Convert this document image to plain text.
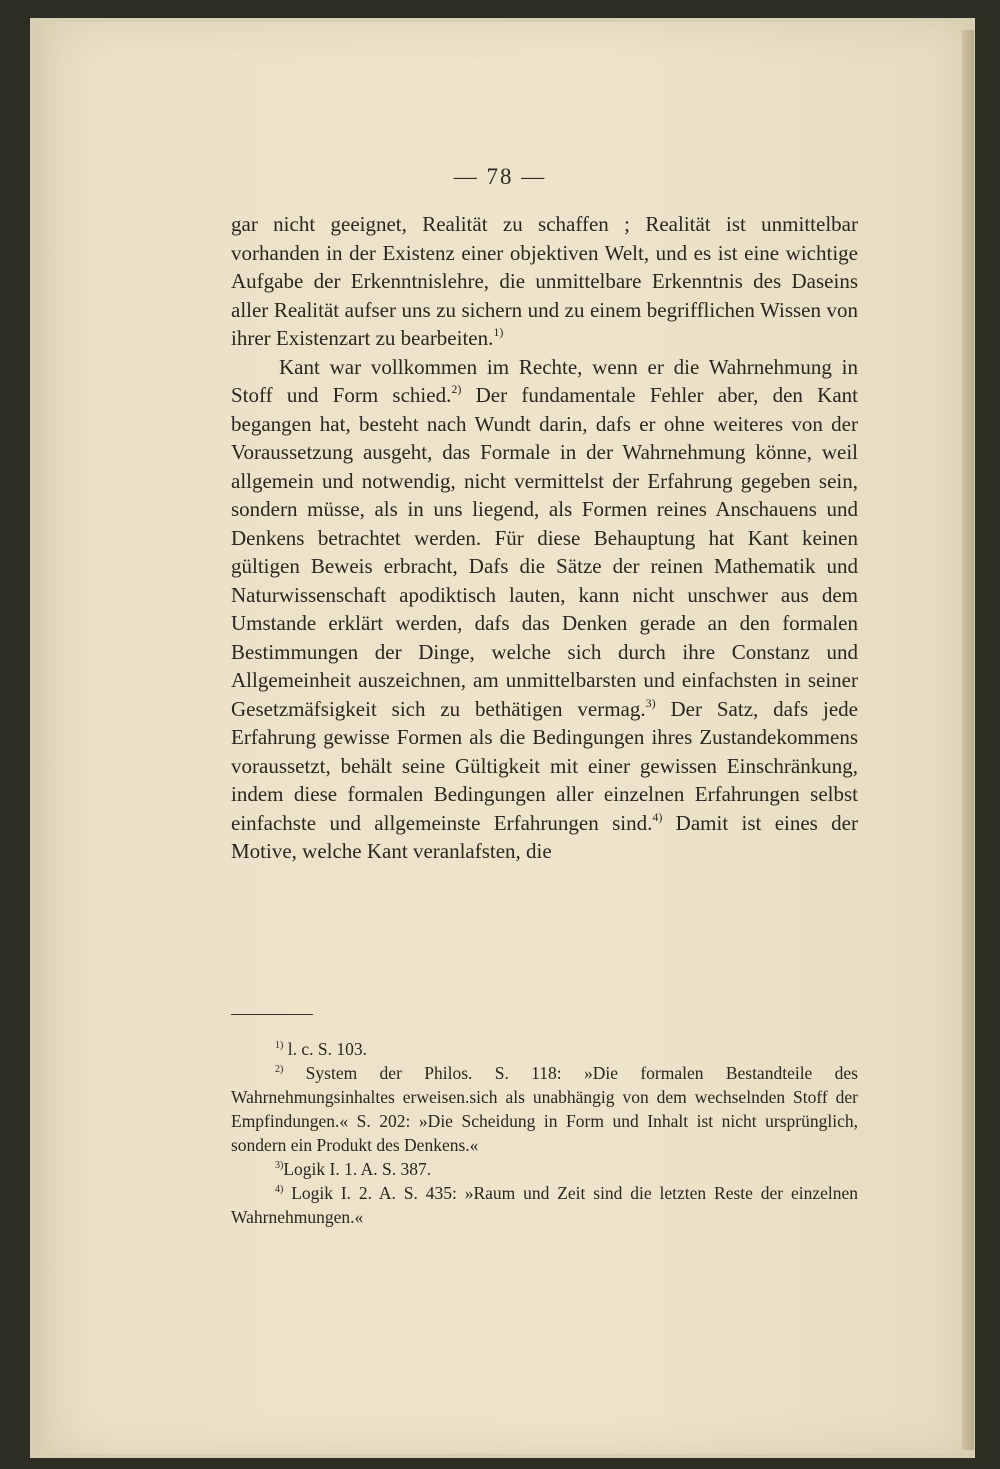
— 78 —

gar nicht geeignet, Realität zu schaffen ; Realität ist unmittelbar vorhanden in der Existenz einer objektiven Welt, und es ist eine wichtige Aufgabe der Erkenntnislehre, die unmittelbare Erkenntnis des Daseins aller Realität aufser uns zu sichern und zu einem begrifflichen Wissen von ihrer Existenzart zu bearbeiten.$^{1)}$

Kant war vollkommen im Rechte, wenn er die Wahrnehmung in Stoff und Form schied.$^{2)}$ Der fundamentale Fehler aber, den Kant begangen hat, besteht nach Wundt darin, dafs er ohne weiteres von der Voraussetzung ausgeht, das Formale in der Wahrnehmung könne, weil allgemein und notwendig, nicht vermittelst der Erfahrung gegeben sein, sondern müsse, als in uns liegend, als Formen reines Anschauens und Denkens betrachtet werden. Für diese Behauptung hat Kant keinen gültigen Beweis erbracht, Dafs die Sätze der reinen Mathematik und Naturwissenschaft apodiktisch lauten, kann nicht unschwer aus dem Umstande erklärt werden, dafs das Denken gerade an den formalen Bestimmungen der Dinge, welche sich durch ihre Constanz und Allgemeinheit auszeichnen, am unmittelbarsten und einfachsten in seiner Gesetzmäfsigkeit sich zu bethätigen vermag.$^{3)}$ Der Satz, dafs jede Erfahrung gewisse Formen als die Bedingungen ihres Zustandekommens voraussetzt, behält seine Gültigkeit mit einer gewissen Einschränkung, indem diese formalen Bedingungen aller einzelnen Erfahrungen selbst einfachste und allgemeinste Erfahrungen sind.$^{4)}$ Damit ist eines der Motive, welche Kant veranlafsten, die

$^{1)}$ l. c. S. 103.

$^{2)}$ System der Philos. S. 118: »Die formalen Bestandteile des Wahrnehmungsinhaltes erweisen.sich als unabhängig von dem wechselnden Stoff der Empfindungen.« S. 202: »Die Scheidung in Form und Inhalt ist nicht ursprünglich, sondern ein Produkt des Denkens.«

$^{3)}$Logik I. 1. A. S. 387.

$^{4)}$ Logik I. 2. A. S. 435: »Raum und Zeit sind die letzten Reste der einzelnen Wahrnehmungen.«
